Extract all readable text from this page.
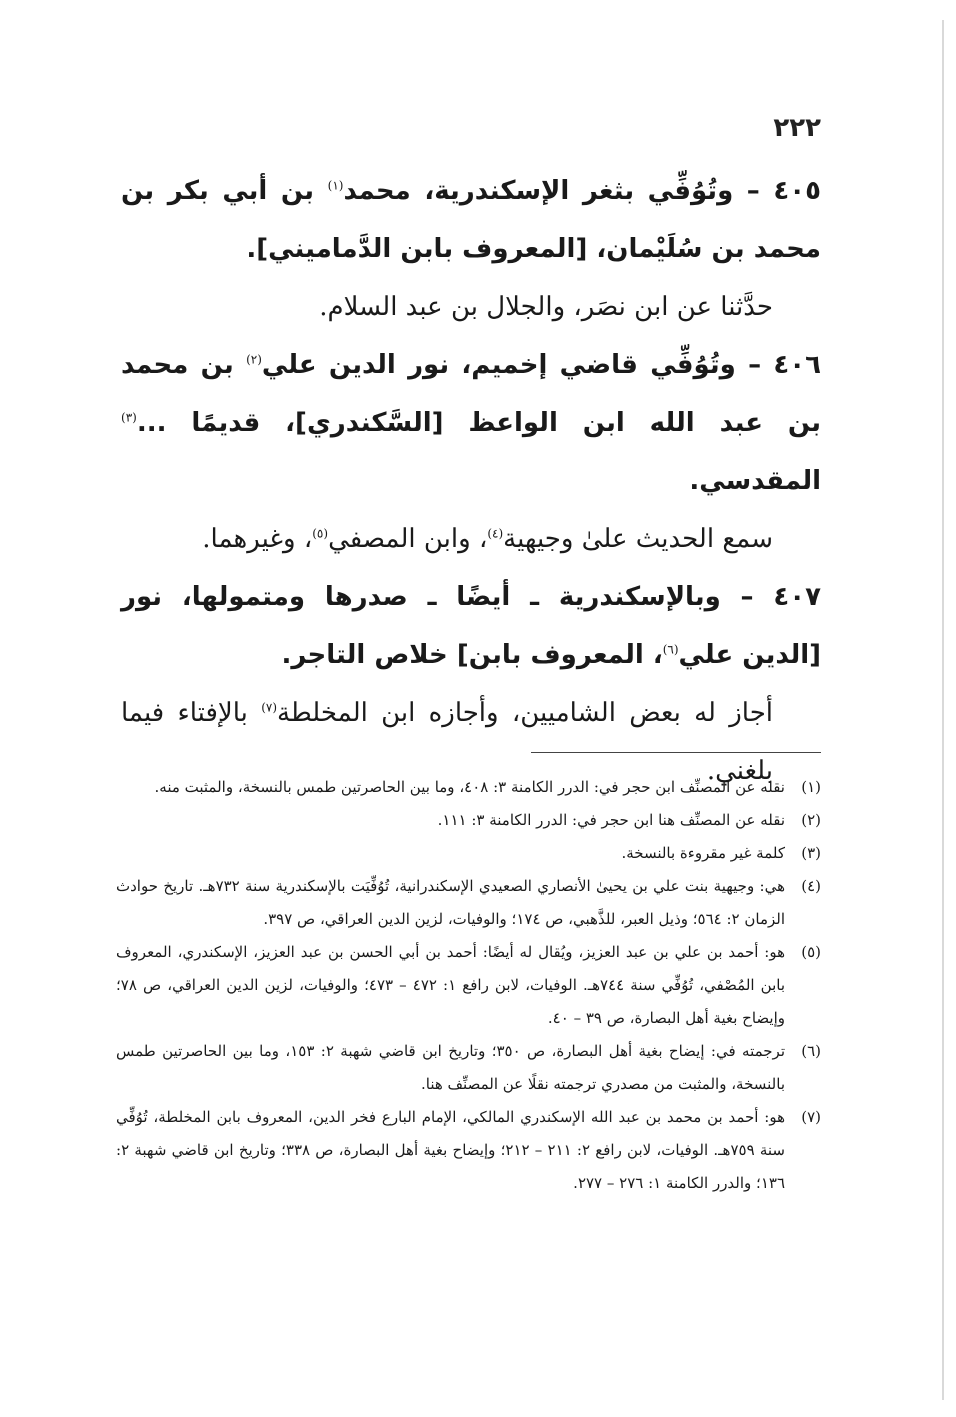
٢٢٢

٤٠٥ – وتُوُفِّي بثغر الإسكندرية، محمد$^{(١)}$ بن أبي بكر بن محمد بن سُلَيْمان، [المعروف بابن الدَّماميني].

حدَّثنا عن ابن نصَر، والجلال بن عبد السلام.

٤٠٦ – وتُوُفِّي قاضي إخميم، نور الدين علي$^{(٢)}$ بن محمد بن عبد الله ابن الواعظ [السَّكندري]، قديمًا ...$^{(٣)}$ المقدسي.

سمع الحديث علىٰ وجيهية$^{(٤)}$، وابن المصفي$^{(٥)}$، وغيرهما.

٤٠٧ – وبالإسكندرية ـ أيضًا ـ صدرها ومتمولها، نور [الدين علي$^{(٦)}$، المعروف بابن] خلاص التاجر.

أجاز له بعض الشاميين، وأجازه ابن المخلطة$^{(٧)}$ بالإفتاء فيما بلغني.

(١)
نقله عن المصنِّف ابن حجر في: الدرر الكامنة ٣: ٤٠٨، وما بين الحاصرتين طمس بالنسخة، والمثبت منه.

(٢)
نقله عن المصنِّف هنا ابن حجر في: الدرر الكامنة ٣: ١١١.

(٣)
كلمة غير مقروءة بالنسخة.

(٤)
هي: وجيهية بنت علي بن يحيىٰ الأنصاري الصعيدي الإسكندرانية، تُوُفِّيَت بالإسكندرية سنة ٧٣٢هـ. تاريخ حوادث الزمان ٢: ٥٦٤؛ وذيل العبر، للذَّهبي، ص ١٧٤؛ والوفيات، لزين الدين العراقي، ص ٣٩٧.

(٥)
هو: أحمد بن علي بن عبد العزيز، ويُقال له أيضًا: أحمد بن أبي الحسن بن عبد العزيز، الإسكندري، المعروف بابن المُصْفي، تُوُفِّي سنة ٧٤٤هـ. الوفيات، لابن رافع ١: ٤٧٢ – ٤٧٣؛ والوفيات، لزين الدين العراقي، ص ٧٨؛ وإيضاح بغية أهل البصارة، ص ٣٩ – ٤٠.

(٦)
ترجمته في: إيضاح بغية أهل البصارة، ص ٣٥٠؛ وتاريخ ابن قاضي شهبة ٢: ١٥٣، وما بين الحاصرتين طمس بالنسخة، والمثبت من مصدري ترجمته نقلًا عن المصنِّف هنا.

(٧)
هو: أحمد بن محمد بن عبد الله الإسكندري المالكي، الإمام البارع فخر الدين، المعروف بابن المخلطة، تُوُفِّي سنة ٧٥٩هـ. الوفيات، لابن رافع ٢: ٢١١ – ٢١٢؛ وإيضاح بغية أهل البصارة، ص ٣٣٨؛ وتاريخ ابن قاضي شهبة ٢: ١٣٦؛ والدرر الكامنة ١: ٢٧٦ – ٢٧٧.
